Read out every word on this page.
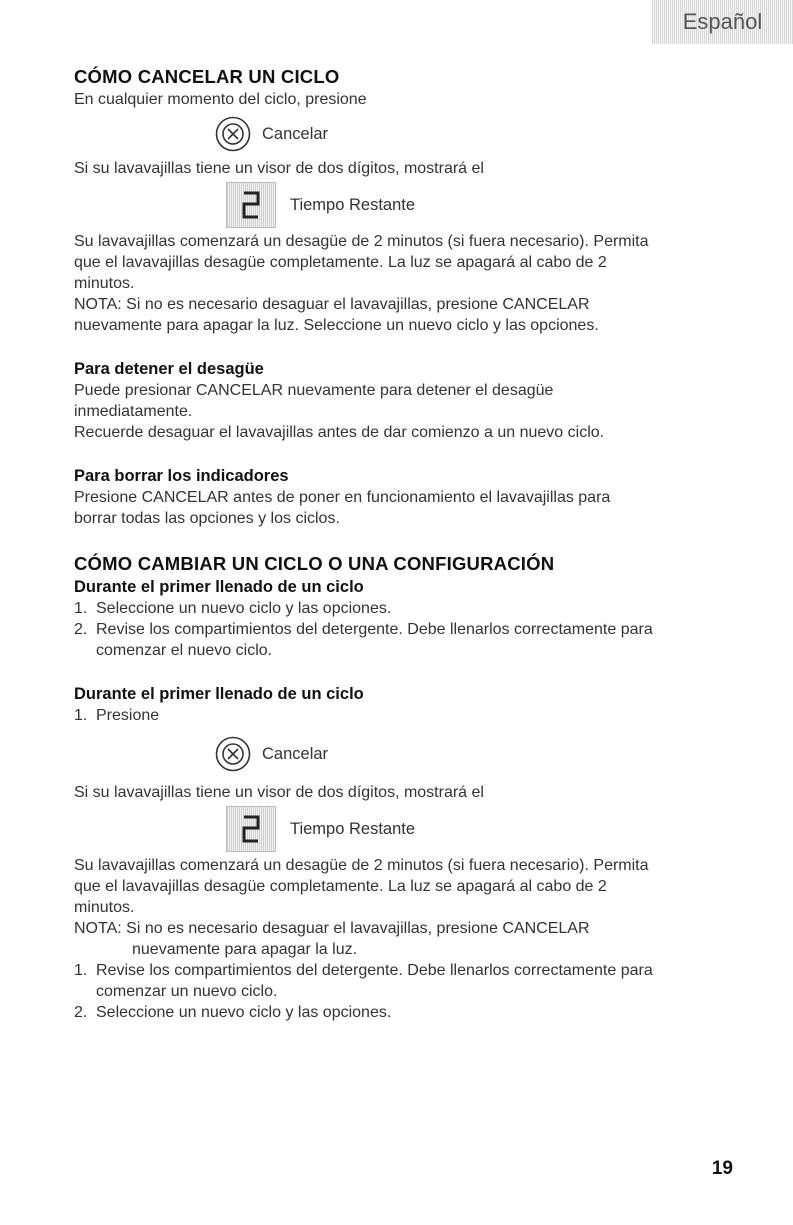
Español
CÓMO CANCELAR UN CICLO

En cualquier momento del ciclo, presione

Cancelar

Si su lavavajillas tiene un visor de dos dígitos, mostrará el

Tiempo Restante

Su lavavajillas comenzará un desagüe de 2 minutos (si fuera necesario). Permita

que el lavavajillas desagüe completamente. La luz se apagará al cabo de 2

minutos.

NOTA: Si no es necesario desaguar el lavavajillas, presione CANCELAR

nuevamente para apagar la luz. Seleccione un nuevo ciclo y las opciones.

Para detener el desagüe

Puede presionar CANCELAR nuevamente para detener el desagüe

inmediatamente.

Recuerde desaguar el lavavajillas antes de dar comienzo a un nuevo ciclo.

Para borrar los indicadores

Presione CANCELAR antes de poner en funcionamiento el lavavajillas para

borrar todas las opciones y los ciclos.

CÓMO CAMBIAR UN CICLO O UNA CONFIGURACIÓN
Durante el primer llenado de un ciclo
1. Seleccione un nuevo ciclo y las opciones.
2. Revise los compartimientos del detergente. Debe llenarlos correctamente para
comenzar el nuevo ciclo.
Durante el primer llenado de un ciclo
1. Presione
Cancelar

Si su lavavajillas tiene un visor de dos dígitos, mostrará el

Tiempo Restante

Su lavavajillas comenzará un desagüe de 2 minutos (si fuera necesario). Permita

que el lavavajillas desagüe completamente. La luz se apagará al cabo de 2

minutos.

NOTA: Si no es necesario desaguar el lavavajillas, presione CANCELAR

nuevamente para apagar la luz.

1. Revise los compartimientos del detergente. Debe llenarlos correctamente para
comenzar un nuevo ciclo.
2. Seleccione un nuevo ciclo y las opciones.
19
